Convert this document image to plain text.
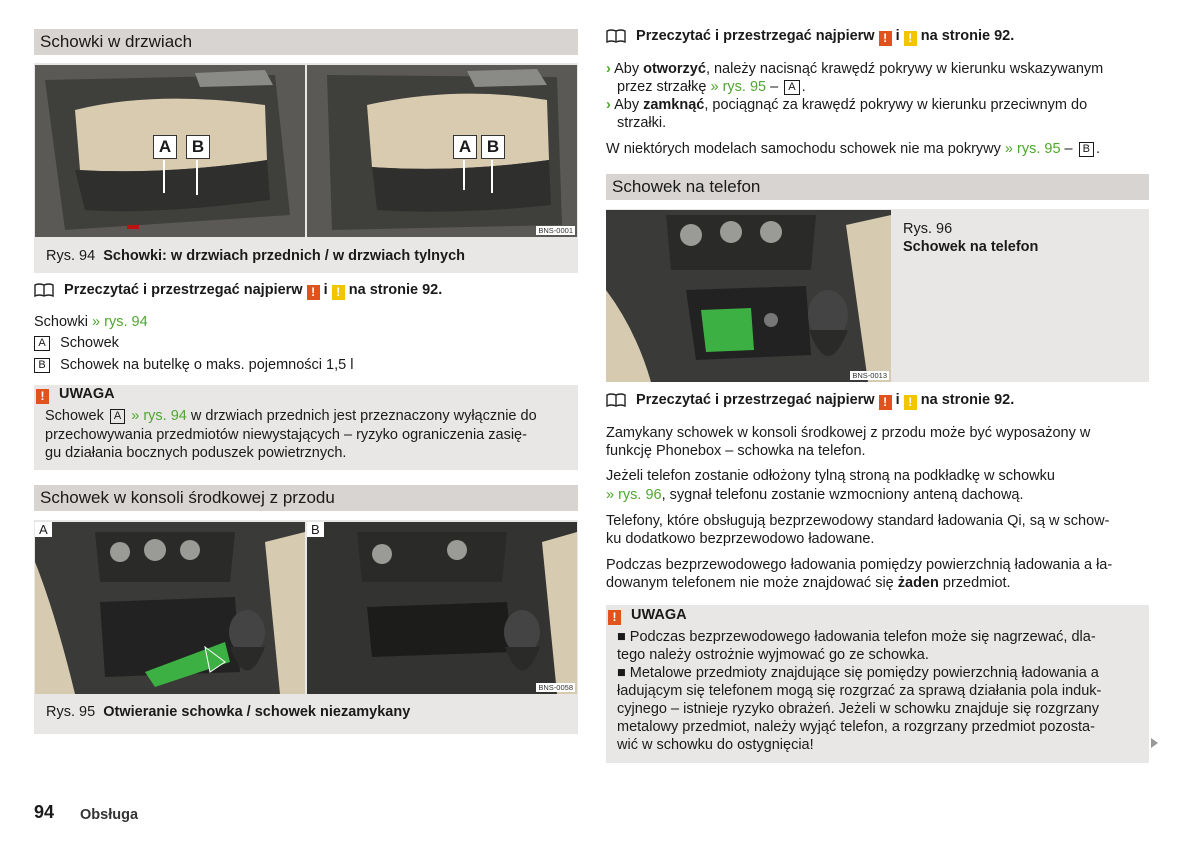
Schowki w drzwiach
A	B	A B
BNS-0001
Rys. 94 Schowki: w drzwiach przednich / w drzwiach tylnych
Przeczytać i przestrzegać najpierw ! i ! na stronie 92.
Schowki » rys. 94
A Schowek
B Schowek na butelkę o maks. pojemności 1,5 l
! UWAGA
Schowek A » rys. 94 w drzwiach przednich jest przeznaczony wyłącznie do
przechowywania przedmiotów niewystających – ryzyko ograniczenia zasię-
gu działania bocznych poduszek powietrznych.
Schowek w konsoli środkowej z przodu
A	B
BNS-0058
Rys. 95 Otwieranie schowka / schowek niezamykany
94 Obsługa
Przeczytać i przestrzegać najpierw ! i ! na stronie 92.
› Aby otworzyć, należy nacisnąć krawędź pokrywy w kierunku wskazywanym
przez strzałkę » rys. 95 – A .
› Aby zamknąć, pociągnąć za krawędź pokrywy w kierunku przeciwnym do
strzałki.
W niektórych modelach samochodu schowek nie ma pokrywy » rys. 95 – B .
Schowek na telefon
BNS-0013
Rys. 96
Schowek na telefon
Przeczytać i przestrzegać najpierw ! i ! na stronie 92.
Zamykany schowek w konsoli środkowej z przodu może być wyposażony w
funkcję Phonebox – schowka na telefon.
Jeżeli telefon zostanie odłożony tylną stroną na podkładkę w schowku
» rys. 96, sygnał telefonu zostanie wzmocniony anteną dachową.
Telefony, które obsługują bezprzewodowy standard ładowania Qi, są w schow-
ku dodatkowo bezprzewodowo ładowane.
Podczas bezprzewodowego ładowania pomiędzy powierzchnią ładowania a ła-
dowanym telefonem nie może znajdować się żaden przedmiot.
! UWAGA
■ Podczas bezprzewodowego ładowania telefon może się nagrzewać, dla-
tego należy ostrożnie wyjmować go ze schowka.
■ Metalowe przedmioty znajdujące się pomiędzy powierzchnią ładowania a
ładującym się telefonem mogą się rozgrzać za sprawą działania pola induk-
cyjnego – istnieje ryzyko obrażeń. Jeżeli w schowku znajduje się rozgrzany
metalowy przedmiot, należy wyjąć telefon, a rozgrzany przedmiot pozosta-
wić w schowku do ostygnięcia!
